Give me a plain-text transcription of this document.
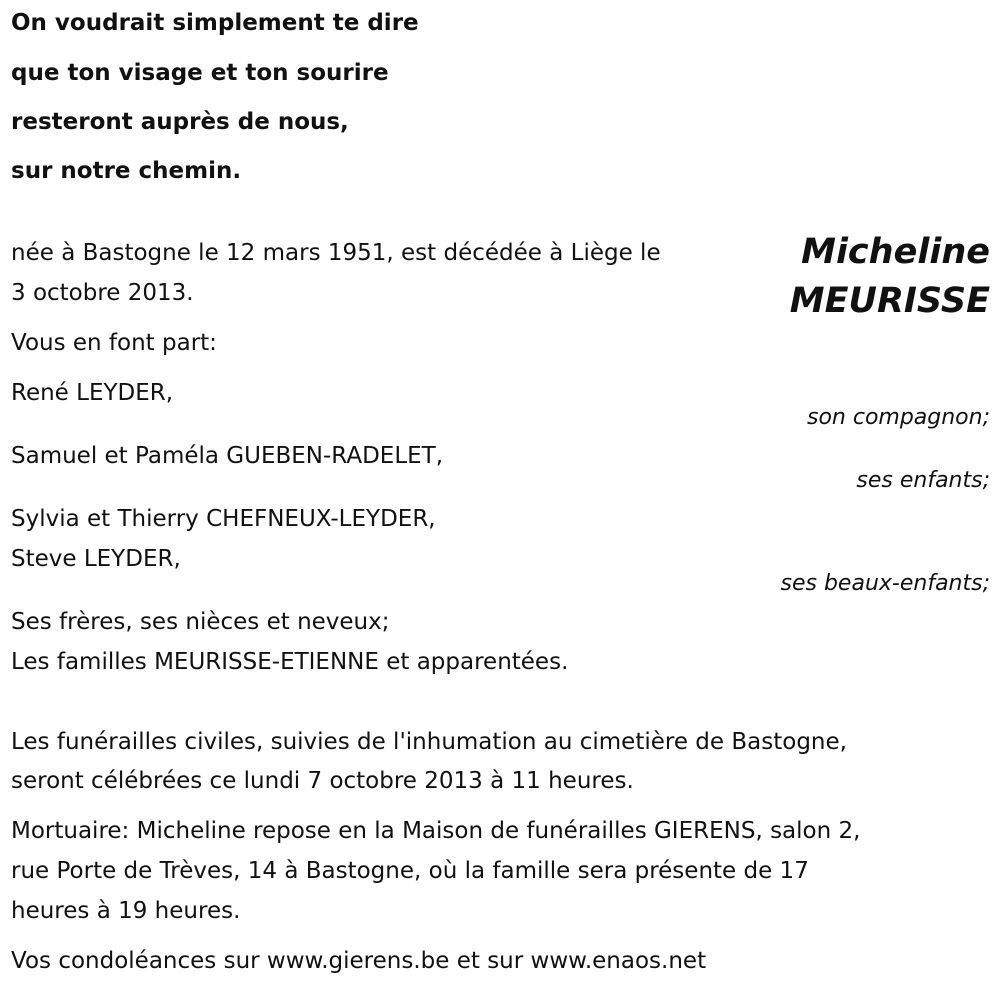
On voudrait simplement te dire
que ton visage et ton sourire
resteront auprès de nous,
sur notre chemin.
Micheline
MEURISSE
née à Bastogne le 12 mars 1951, est décédée à Liège le
3 octobre 2013.
Vous en font part:
René LEYDER,
son compagnon;
Samuel et Paméla GUEBEN-RADELET,
ses enfants;
Sylvia et Thierry CHEFNEUX-LEYDER,
Steve LEYDER,
ses beaux-enfants;
Ses frères, ses nièces et neveux;
Les familles MEURISSE-ETIENNE et apparentées.
Les funérailles civiles, suivies de l'inhumation au cimetière de Bastogne,
seront célébrées ce lundi 7 octobre 2013 à 11 heures.
Mortuaire: Micheline repose en la Maison de funérailles GIERENS, salon 2,
rue Porte de Trèves, 14 à Bastogne, où la famille sera présente de 17
heures à 19 heures.
Vos condoléances sur www.gierens.be et sur www.enaos.net
